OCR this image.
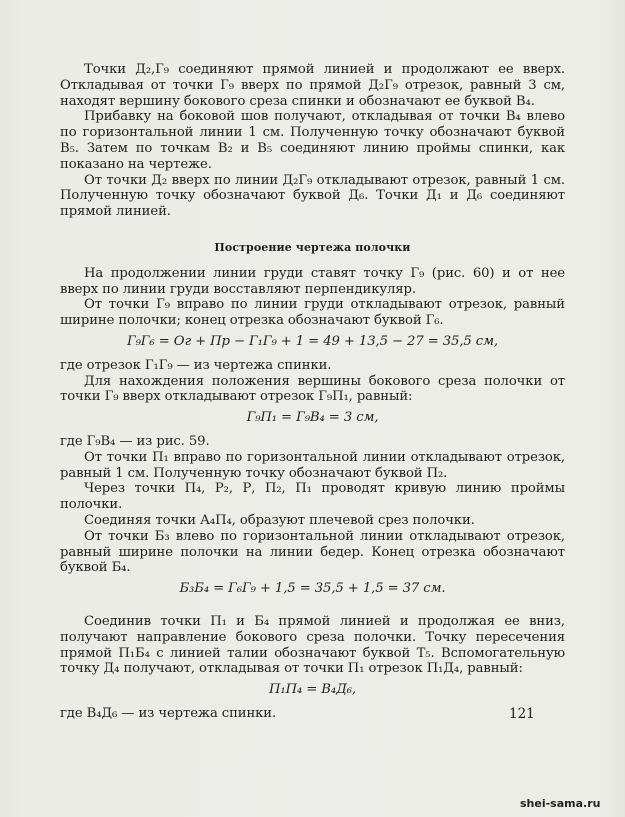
Точки Д₂,Г₉ соединяют прямой линией и продолжают ее вверх. Откладывая от точки Г₉ вверх по прямой Д₂Г₉ отрезок, равный 3 см, находят вершину бокового среза спинки и обозначают ее буквой В₄.

Прибавку на боковой шов получают, откладывая от точки В₄ влево по горизонтальной линии 1 см. Полученную точку обозначают буквой В₅. Затем по точкам В₂ и В₅ соединяют линию проймы спинки, как показано на чертеже.

От точки Д₂ вверх по линии Д₂Г₉ откладывают отрезок, равный 1 см. Полученную точку обозначают буквой Д₆. Точки Д₁ и Д₆ соединяют прямой линией.

Построение чертежа полочки

На продолжении линии груди ставят точку Г₉ (рис. 60) и от нее вверх по линии груди восставляют перпендикуляр.

От точки Г₉ вправо по линии груди откладывают отрезок, равный ширине полочки; конец отрезка обозначают буквой Г₆.

Г₉Г₆ = Oг + Пр − Г₁Г₉ + 1 = 49 + 13,5 − 27 = 35,5 см,

где отрезок Г₁Г₉ — из чертежа спинки.

Для нахождения положения вершины бокового среза полочки от точки Г₉ вверх откладывают отрезок Г₉П₁, равный:

Г₉П₁ = Г₉В₄ = 3 см,

где Г₉В₄ — из рис. 59.

От точки П₁ вправо по горизонтальной линии откладывают отрезок, равный 1 см. Полученную точку обозначают буквой П₂.

Через точки П₄, Р₂, Р, П₂, П₁ проводят кривую линию проймы полочки.

Соединяя точки А₄П₄, образуют плечевой срез полочки.

От точки Б₃ влево по горизонтальной линии откладывают отрезок, равный ширине полочки на линии бедер. Конец отрезка обозначают буквой Б₄.

Б₃Б₄ = Г₆Г₉ + 1,5 = 35,5 + 1,5 = 37 см.

Соединив точки П₁ и Б₄ прямой линией и продолжая ее вниз, получают направление бокового среза полочки. Точку пересечения прямой П₁Б₄ с линией талии обозначают буквой Т₅. Вспомогательную точку Д₄ получают, откладывая от точки П₁ отрезок П₁Д₄, равный:

П₁П₄ = В₄Д₆,

где В₄Д₆ — из чертежа спинки.	121
shei-sama.ru
